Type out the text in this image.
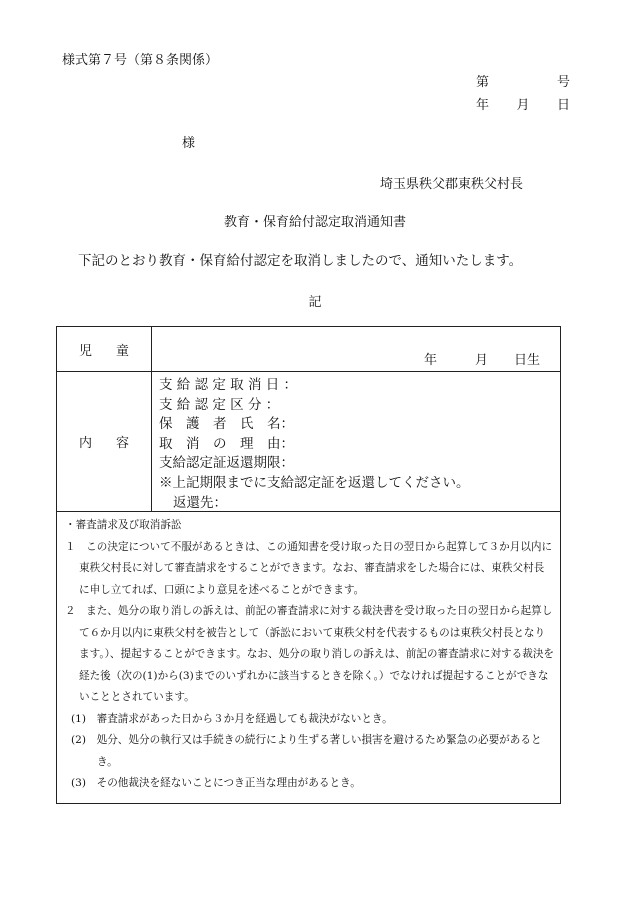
様式第７号（第８条関係）
第	号
年 月 日
様
埼玉県秩父郡東秩父村長
教育・保育給付認定取消通知書
下記のとおり教育・保育給付認定を取消しましたので、通知いたします。
記
児 童
年	月 日生
内 容
支 給 認 定 取 消 日 ：
支 給 認 定 区 分 ：
保　護　者　氏　名：
取　消　の　理　由：
支給認定証返還期限：
※上記期限までに支給認定証を返還してください。
返還先：
・審査請求及び取消訴訟
１　この決定について不服があるときは、この通知書を受け取った日の翌日から起算して３か月以内に東秩父村長に対して審査請求をすることができます。なお、審査請求をした場合には、東秩父村長に申し立てれば、口頭により意見を述べることができます。
２　また、処分の取り消しの訴えは、前記の審査請求に対する裁決書を受け取った日の翌日から起算して６か月以内に東秩父村を被告として（訴訟において東秩父村を代表するものは東秩父村長となります。）、提起することができます。なお、処分の取り消しの訴えは、前記の審査請求に対する裁決を経た後（次の(1)から(3)までのいずれかに該当するときを除く。）でなければ提起することができないこととされています。
(1)　審査請求があった日から３か月を経過しても裁決がないとき。
(2)　処分、処分の執行又は手続きの続行により生ずる著しい損害を避けるため緊急の必要があるとき。
(3)　その他裁決を経ないことにつき正当な理由があるとき。
